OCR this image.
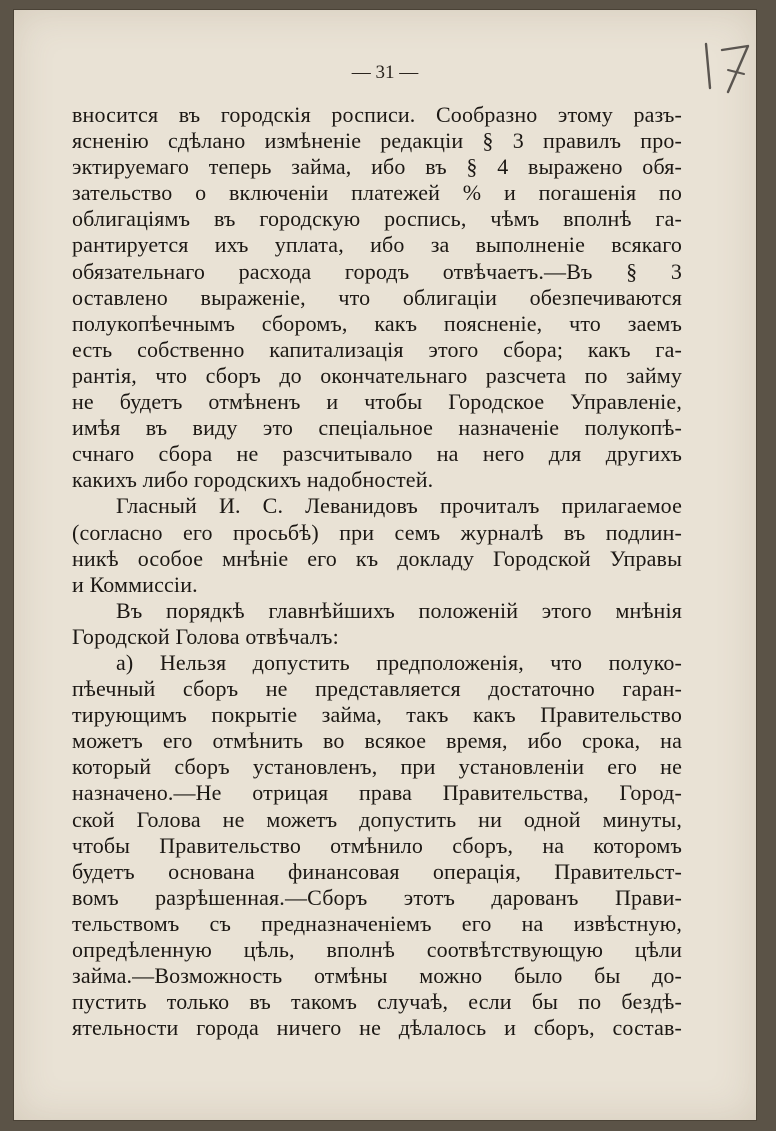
— 31 —
вносится въ городскія росписи. Сообразно этому разъ-
ясненію сдѣлано измѣненіе редакціи § 3 правилъ про-
эктируемаго теперь займа, ибо въ § 4 выражено обя-
зательство о включеніи платежей % и погашенія по
облигаціямъ въ городскую роспись, чѣмъ вполнѣ га-
рантируется ихъ уплата, ибо за выполненіе всякаго
обязательнаго расхода городъ отвѣчаетъ.—Въ § 3
оставлено выраженіе, что облигаціи обезпечиваются
полукопѣечнымъ сборомъ, какъ поясненіе, что заемъ
есть собственно капитализація этого сбора; какъ га-
рантія, что сборъ до окончательнаго разсчета по займу
не будетъ отмѣненъ и чтобы Городское Управленіе,
имѣя въ виду это спеціальное назначеніе полукопѣ-
счнаго сбора не разсчитывало на него для другихъ
какихъ либо городскихъ надобностей.
Гласный И. С. Леванидовъ прочиталъ прилагаемое
(согласно его просьбѣ) при семъ журналѣ въ подлин-
никѣ особое мнѣніе его къ докладу Городской Управы
и Коммиссіи.
Въ порядкѣ главнѣйшихъ положеній этого мнѣнія
Городской Голова отвѣчалъ:
а) Нельзя допустить предположенія, что полуко-
пѣечный сборъ не представляется достаточно гаран-
тирующимъ покрытіе займа, такъ какъ Правительство
можетъ его отмѣнить во всякое время, ибо срока, на
который сборъ установленъ, при установленіи его не
назначено.—Не отрицая права Правительства, Город-
ской Голова не можетъ допустить ни одной минуты,
чтобы Правительство отмѣнило сборъ, на которомъ
будетъ основана финансовая операція, Правительст-
вомъ разрѣшенная.—Сборъ этотъ дарованъ Прави-
тельствомъ съ предназначеніемъ его на извѣстную,
опредѣленную цѣль, вполнѣ соотвѣтствующую цѣли
займа.—Возможность отмѣны можно было бы до-
пустить только въ такомъ случаѣ, если бы по бездѣ-
ятельности города ничего не дѣлалось и сборъ, состав-
